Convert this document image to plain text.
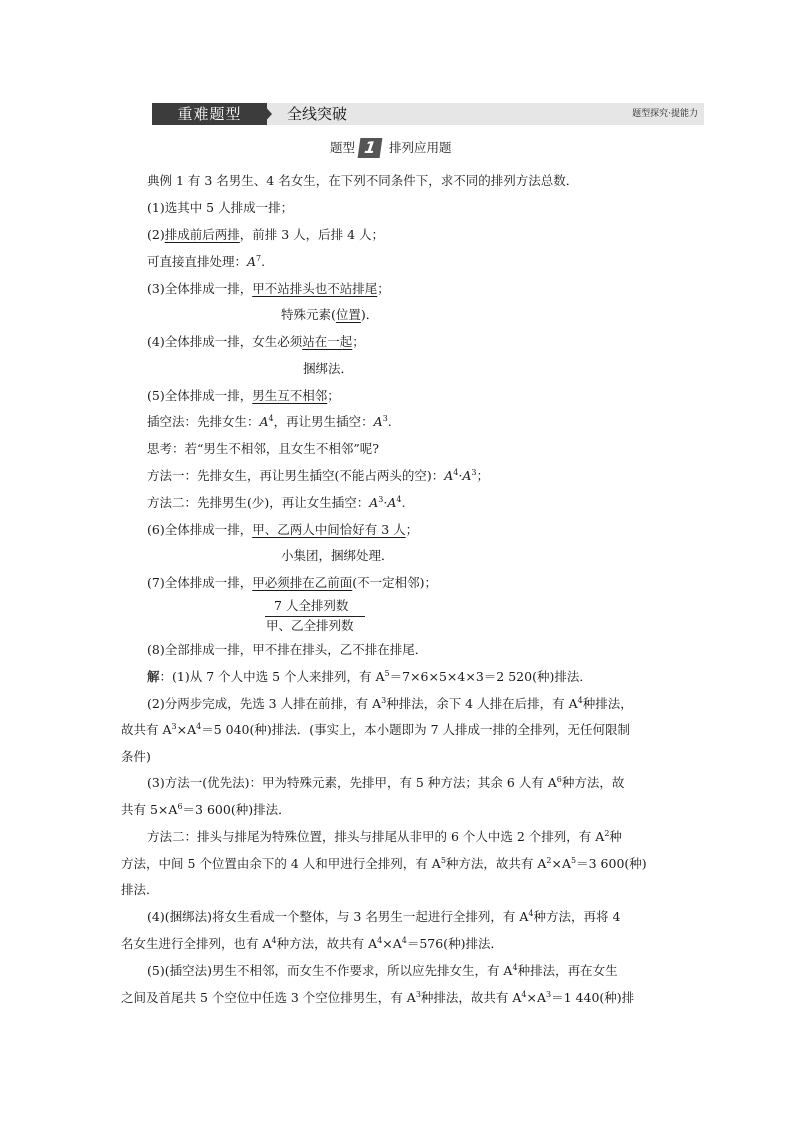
重难题型	全线突破	题型探究·提能力
题型 1 排列应用题
典例 1 有 3 名男生、4 名女生，在下列不同条件下，求不同的排列方法总数．
(1)选其中 5 人排成一排；
(2)排成前后两排，前排 3 人，后排 4 人；
可直接直排处理：$A^7$.
(3)全体排成一排，甲不站排头也不站排尾；
特殊元素(位置)．
(4)全体排成一排，女生必须站在一起；
捆绑法．
(5)全体排成一排，男生互不相邻；
插空法：先排女生：$A^4$，再让男生插空：$A^3$.
思考：若“男生不相邻，且女生不相邻”呢?
方法一：先排女生，再让男生插空(不能占两头的空)：$A^4\cdot A^3$；
方法二：先排男生(少)，再让女生插空：$A^3\cdot A^4$.
(6)全体排成一排，甲、乙两人中间恰好有 3 人；
小集团，捆绑处理．
(7)全体排成一排，甲必须排在乙前面(不一定相邻)；
7 人全排列数
甲、乙全排列数
(8)全部排成一排，甲不排在排头，乙不排在排尾．
解：(1)从 7 个人中选 5 个人来排列，有 $A^5=7\times 6\times 5\times 4\times 3=2$ 520(种)排法．
(2)分两步完成，先选 3 人排在前排，有 $A^3$种排法，余下 4 人排在后排，有 $A^4$种排法，
故共有 $A^3\times A^4=5$ 040(种)排法．(事实上，本小题即为 7 人排成一排的全排列，无任何限制
条件)
(3)方法一(优先法)：甲为特殊元素，先排甲，有 5 种方法；其余 6 人有 $A^6$种方法，故
共有 $5\times A^6=3$ 600(种)排法．
方法二：排头与排尾为特殊位置，排头与排尾从非甲的 6 个人中选 2 个排列，有 $A^2$种
方法，中间 5 个位置由余下的 4 人和甲进行全排列，有 $A^5$种方法，故共有 $A^2\times A^5=3$ 600(种)
排法．
(4)(捆绑法)将女生看成一个整体，与 3 名男生一起进行全排列，有 $A^4$种方法，再将 4
名女生进行全排列，也有 $A^4$种方法，故共有 $A^4\times A^4=576$(种)排法．
(5)(插空法)男生不相邻，而女生不作要求，所以应先排女生，有 $A^4$种排法，再在女生
之间及首尾共 5 个空位中任选 3 个空位排男生，有 $A^3$种排法，故共有 $A^4\times A^3=1$ 440(种)排
